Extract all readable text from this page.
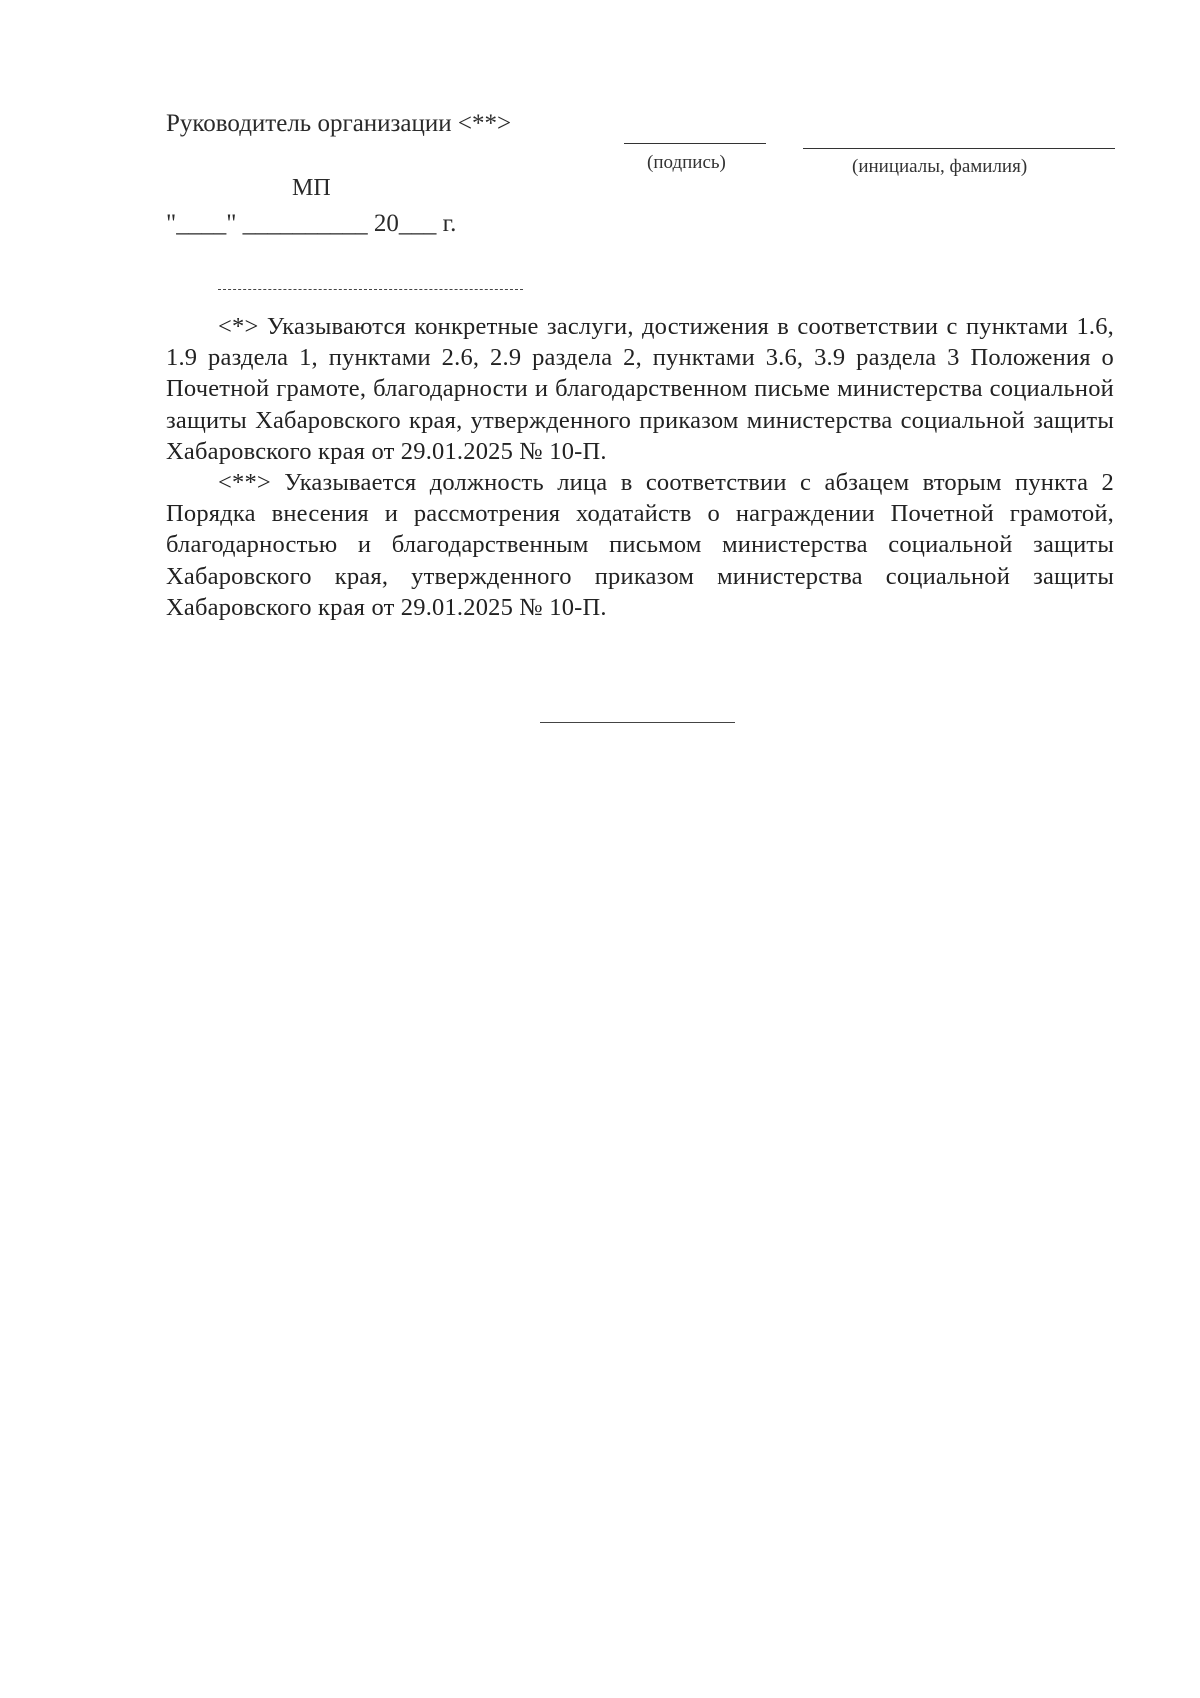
Руководитель организации <**>
(подпись)	(инициалы, фамилия)
МП
"____" __________ 20___ г.

<*> Указываются конкретные заслуги, достижения в соответствии с пунктами 1.6, 1.9 раздела 1, пунктами 2.6, 2.9 раздела 2, пунктами 3.6, 3.9 раздела 3 Положения о Почетной грамоте, благодарности и благодарственном письме министерства социальной защиты Хабаровского края, утвержденного приказом министерства социальной защиты Хабаровского края от 29.01.2025 № 10-П.

<**> Указывается должность лица в соответствии с абзацем вторым пункта 2 Порядка внесения и рассмотрения ходатайств о награждении Почетной грамотой, благодарностью и благодарственным письмом министерства социальной защиты Хабаровского края, утвержденного приказом министерства социальной защиты Хабаровского края от 29.01.2025 № 10-П.
